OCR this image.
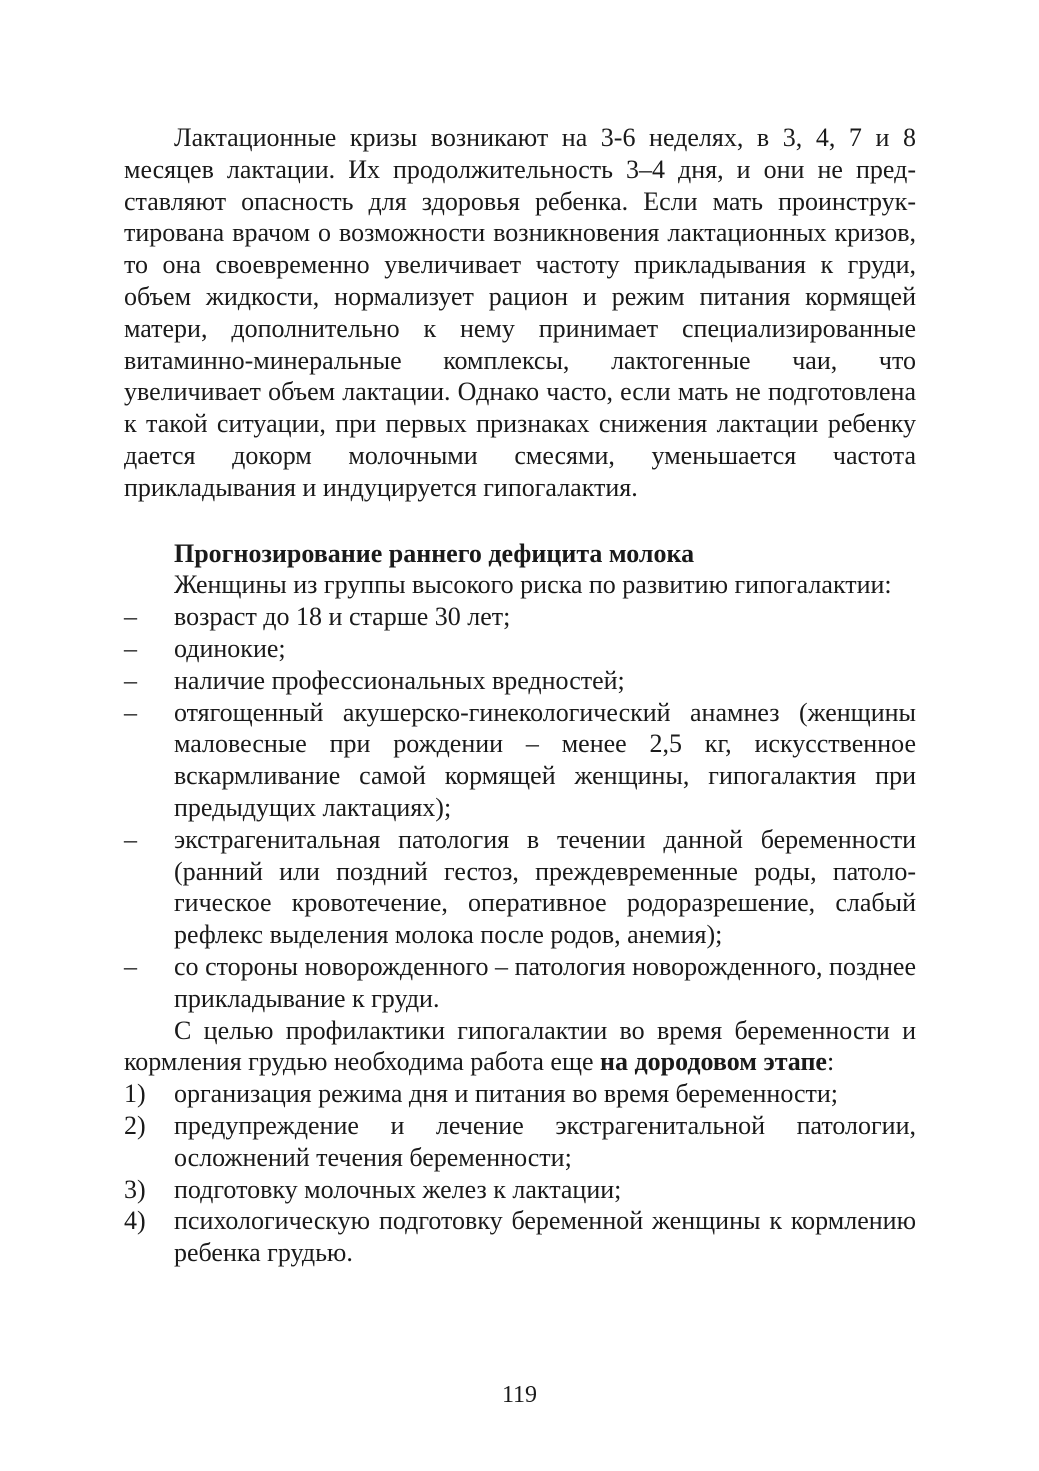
Лактационные кризы возникают на 3-6 неделях, в 3, 4, 7 и 8 месяцев лактации. Их продолжительность 3–4 дня, и они не представляют опасность для здоровья ребенка. Если мать проинструктирована врачом о возможности возникновения лактационных кризов, то она своевременно увеличивает частоту прикладывания к груди, объем жидкости, нормализует рацион и режим питания кормящей матери, дополнительно к нему принимает специализированные витаминно-минеральные комплексы, лактогенные чаи, что увеличивает объем лактации. Однако часто, если мать не подготовлена к такой ситуации, при первых признаках снижения лактации ребенку дается докорм молочными смесями, уменьшается частота прикладывания и индуцируется гипогалактия.

Прогнозирование раннего дефицита молока

Женщины из группы высокого риска по развитию гипогалактии:

– возраст до 18 и старше 30 лет;
– одинокие;
– наличие профессиональных вредностей;
– отягощенный акушерско-гинекологический анамнез (женщины маловесные при рождении – менее 2,5 кг, искусственное вскармливание самой кормящей женщины, гипогалактия при предыдущих лактациях);
– экстрагенитальная патология в течении данной беременности (ранний или поздний гестоз, преждевременные роды, патологическое кровотечение, оперативное родоразрешение, слабый рефлекс выделения молока после родов, анемия);
– со стороны новорожденного – патология новорожденного, позднее прикладывание к груди.

С целью профилактики гипогалактии во время беременности и кормления грудью необходима работа еще на дородовом этапе:

1) организация режима дня и питания во время беременности;
2) предупреждение и лечение экстрагенитальной патологии, осложнений течения беременности;
3) подготовку молочных желез к лактации;
4) психологическую подготовку беременной женщины к кормлению ребенка грудью.
119
